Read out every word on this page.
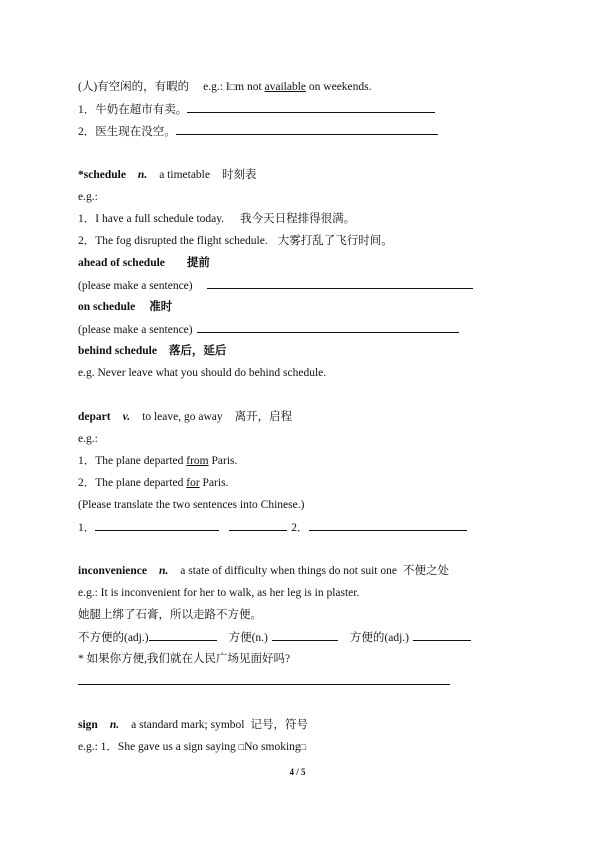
(人)有空闲的，有暇的 e.g.: I□m not available on weekends.
1．牛奶在超市有卖。
2．医生现在没空。
*schedule n. a timetable 时刻表
e.g.:
1．I have a full schedule today. 我今天日程排得很满。
2．The fog disrupted the flight schedule. 大雾打乱了飞行时间。
ahead of schedule 提前
(please make a sentence)
on schedule 准时
(please make a sentence)
behind schedule 落后，延后
e.g. Never leave what you should do behind schedule.
depart v. to leave, go away 离开，启程
e.g.:
1．The plane departed from Paris.
2．The plane departed for Paris.
(Please translate the two sentences into Chinese.)
1．	2．
inconvenience n. a state of difficulty when things do not suit one 不便之处
e.g.: It is inconvenient for her to walk, as her leg is in plaster.
她腿上绑了石膏，所以走路不方便。
不方便的(adj.)	方便(n.)	方便的(adj.)
* 如果你方便,我们就在人民广场见面好吗?
sign n. a standard mark; symbol 记号，符号
e.g.: 1．She gave us a sign saying □No smoking□
4 / 5
